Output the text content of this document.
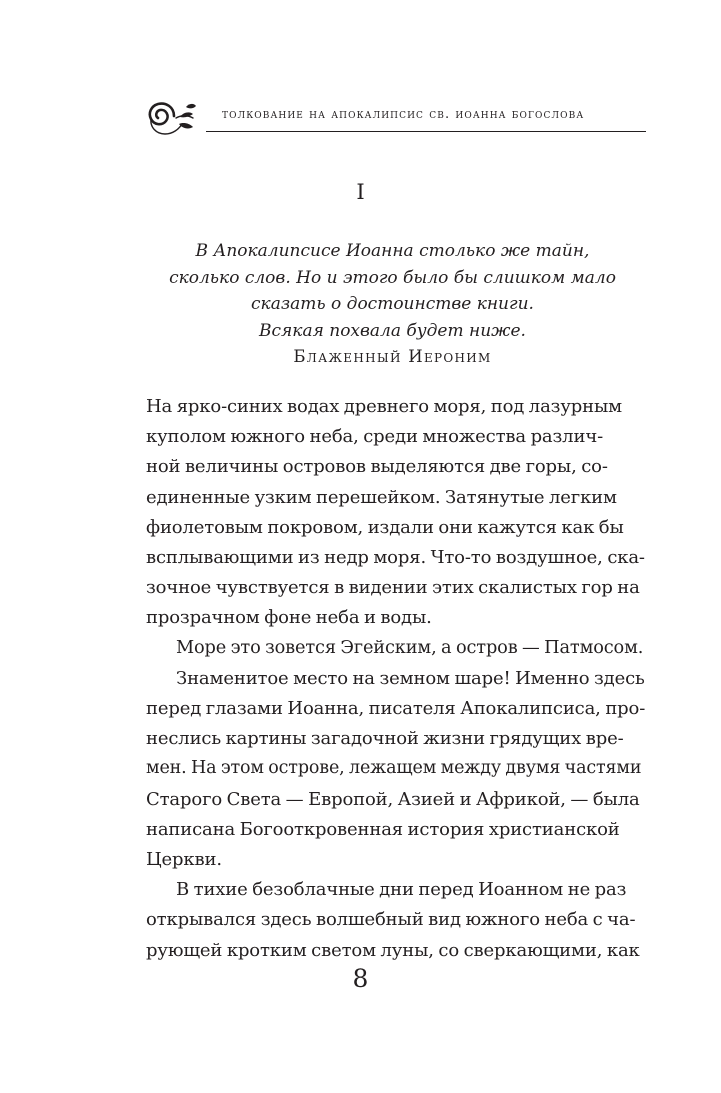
толкование на апокалипсис св. иоанна богослова
I
В Апокалипсисе Иоанна столько же тайн,
сколько слов. Но и этого было бы слишком мало
сказать о достоинстве книги.
Всякая похвала будет ниже.
Блаженный Иероним
На ярко-синих водах древнего моря, под лазурным
куполом южного неба, среди множества различ-
ной величины островов выделяются две горы, со-
единенные узким перешейком. Затянутые легким
фиолетовым покровом, издали они кажутся как бы
всплывающими из недр моря. Что-то воздушное, ска-
зочное чувствуется в видении этих скалистых гор на
прозрачном фоне неба и воды.
Море это зовется Эгейским, а остров — Патмосом.
Знаменитое место на земном шаре! Именно здесь
перед глазами Иоанна, писателя Апокалипсиса, про-
неслись картины загадочной жизни грядущих вре-
мен. На этом острове, лежащем между двумя частями
Старого Света — Европой, Азией и Африкой, — была
написана Богооткровенная история христианской
Церкви.
В тихие безоблачные дни перед Иоанном не раз
открывался здесь волшебный вид южного неба с ча-
рующей кротким светом луны, со сверкающими, как
8
